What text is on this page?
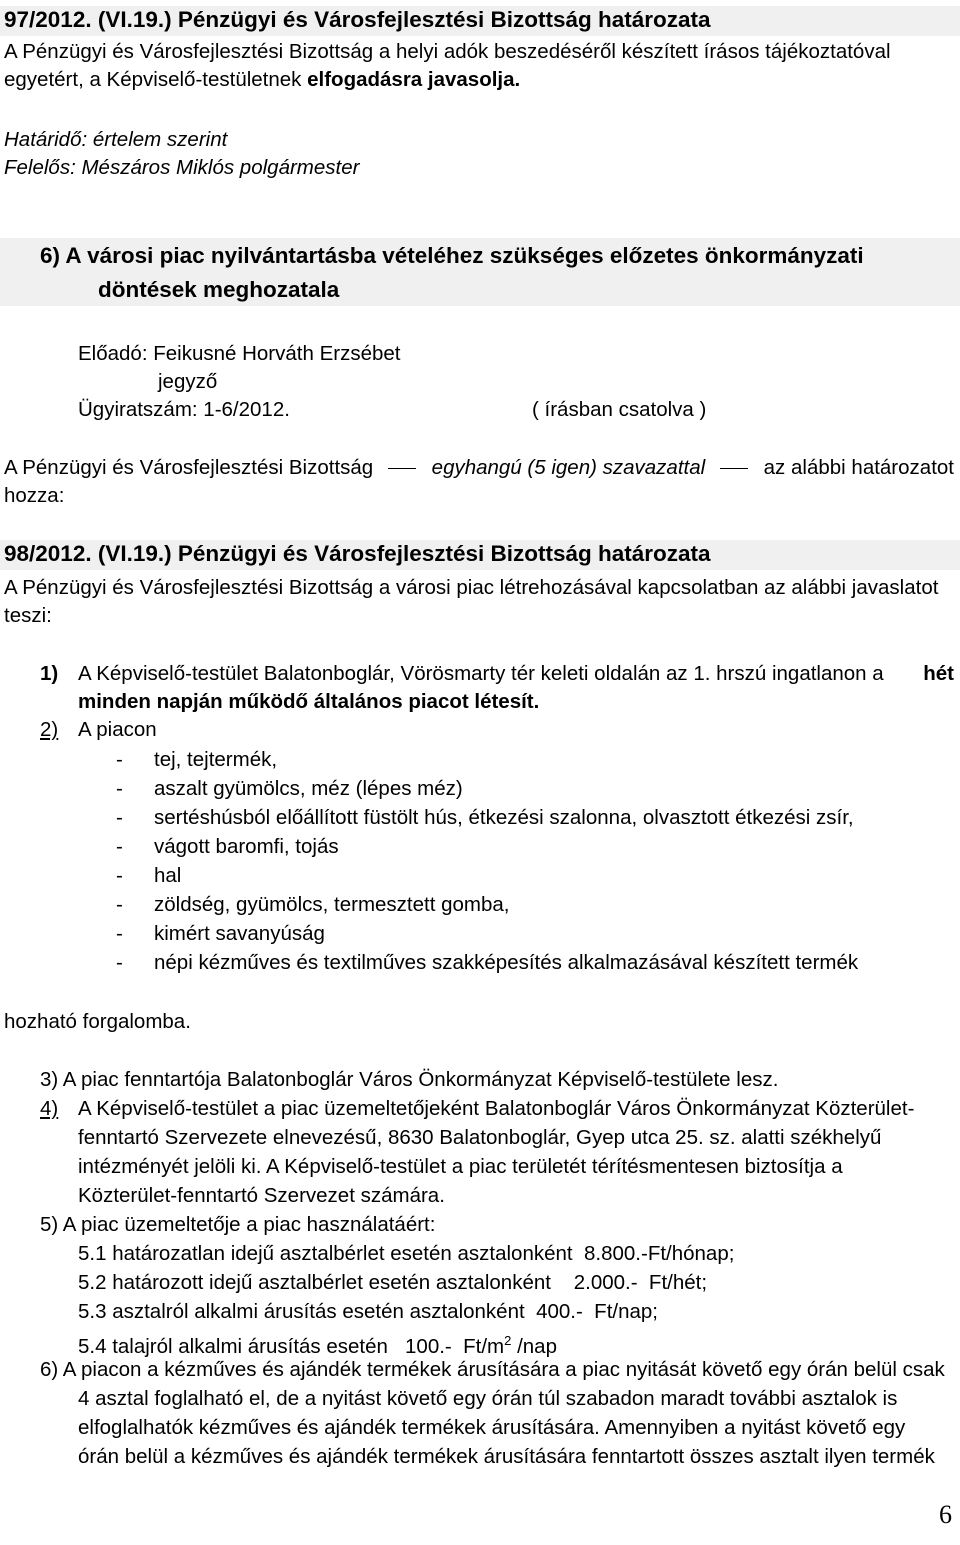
97/2012. (VI.19.) Pénzügyi és Városfejlesztési Bizottság határozata
A Pénzügyi és Városfejlesztési Bizottság a helyi adók beszedéséről készített írásos tájékoztatóval
egyetért, a Képviselő-testületnek elfogadásra javasolja.
Határidő: értelem szerint
Felelős: Mészáros Miklós polgármester
6) A városi piac nyilvántartásba vételéhez szükséges előzetes önkormányzati
döntések meghozatala
Előadó: Feikusné Horváth Erzsébet
jegyző
Ügyiratszám: 1-6/2012.	( írásban csatolva )
A Pénzügyi és Városfejlesztési Bizottság	egyhangú (5 igen) szavazattal	az alábbi határozatot
hozza:
98/2012. (VI.19.) Pénzügyi és Városfejlesztési Bizottság határozata
A Pénzügyi és Városfejlesztési Bizottság a városi piac létrehozásával kapcsolatban az alábbi javaslatot
teszi:
1) A Képviselő-testület Balatonboglár, Vörösmarty tér keleti oldalán az 1. hrszú ingatlanon a hét
minden napján működő általános piacot létesít.
2) A piacon
- tej, tejtermék,
- aszalt gyümölcs, méz (lépes méz)
- sertéshúsból előállított füstölt hús, étkezési szalonna, olvasztott étkezési zsír,
- vágott baromfi, tojás
- hal
- zöldség, gyümölcs, termesztett gomba,
- kimért savanyúság
- népi kézműves és textilműves szakképesítés alkalmazásával készített termék
hozható forgalomba.
3) A piac fenntartója Balatonboglár Város Önkormányzat Képviselő-testülete lesz.
4) A Képviselő-testület a piac üzemeltetőjeként Balatonboglár Város Önkormányzat Közterület-
fenntartó Szervezete elnevezésű, 8630 Balatonboglár, Gyep utca 25. sz. alatti székhelyű
intézményét jelöli ki. A Képviselő-testület a piac területét térítésmentesen biztosítja a
Közterület-fenntartó Szervezet számára.
5) A piac üzemeltetője a piac használatáért:
5.1 határozatlan idejű asztalbérlet esetén asztalonként  8.800.-Ft/hónap;
5.2 határozott idejű asztalbérlet esetén asztalonként    2.000.-  Ft/hét;
5.3 asztalról alkalmi árusítás esetén asztalonként  400.-  Ft/nap;
5.4 talajról alkalmi árusítás esetén   100.-  $Ft/m^2$ /nap
6) A piacon a kézműves és ajándék termékek árusítására a piac nyitását követő egy órán belül csak
4 asztal foglalható el, de a nyitást követő egy órán túl szabadon maradt további asztalok is
elfoglalhatók kézműves és ajándék termékek árusítására. Amennyiben a nyitást követő egy
órán belül a kézműves és ajándék termékek árusítására fenntartott összes asztalt ilyen termék
6
